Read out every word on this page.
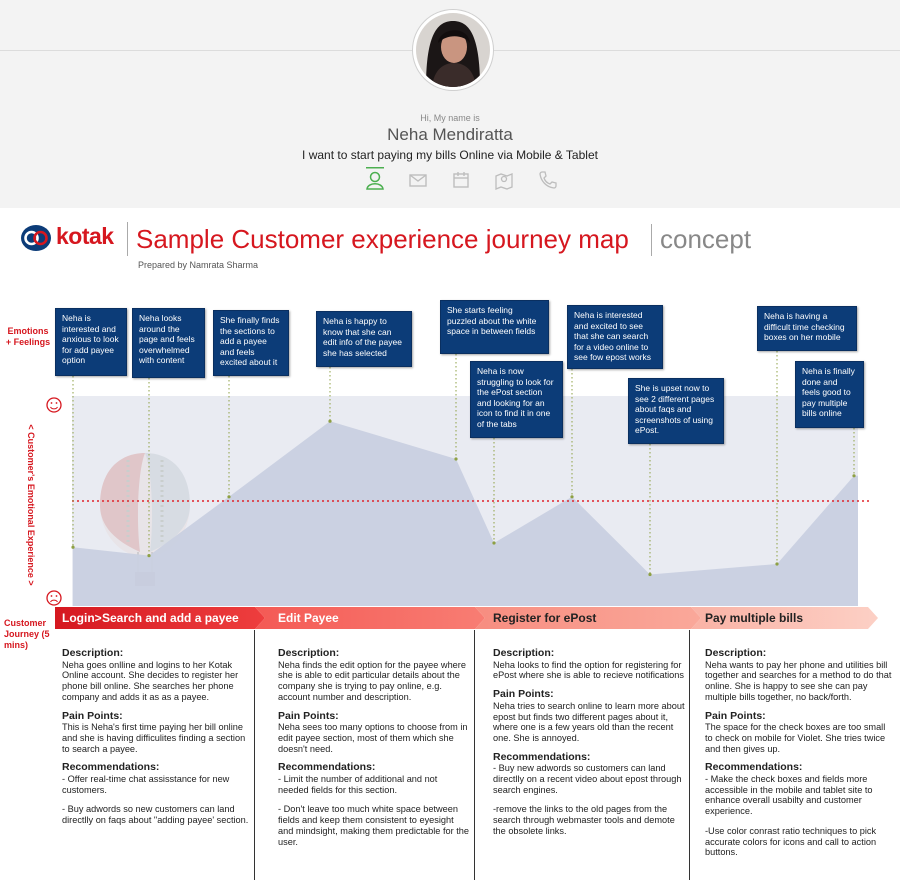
Hi, My name is
Neha Mendiratta
I want to start paying my bills Online via Mobile & Tablet
kotak Sample Customer experience journey map concept
Prepared by Namrata Sharma
Emotions + Feelings
< Customer's Emotional Experience >
Neha is interested and anxious to look for add payee option
Neha looks around the page and feels overwhelmed with content
She finally finds the sections to add a payee and feels excited about it
Neha is happy to know that she can edit info of the payee she has selected
She starts feeling puzzled about the white space in between fields
Neha is now struggling to look for the ePost section and looking for an icon to find it in one of the tabs
Neha is interested and excited to see that she can search for a video online to see fow epost works
She is upset now to see 2 different pages about faqs and screenshots of using ePost.
Neha is having a difficult time checking boxes on her mobile
Neha is finally done and feels good to pay multiple bills online
Customer Journey (5 mins)
Login> Search and add a payee	Edit Payee	Register for ePost	Pay multiple bills
Description:

Neha goes onlline and logins to her Kotak Online account. She decides to register her phone bill online. She searches her phone company and adds it as as a payee.

Pain Points:

This is Neha's first time paying her bill online and she is having difficulites finding a section to search a payee.

Recommendations:

- Offer real-time chat assisstance for new customers.

- Buy adwords so new customers can land directlly on faqs about "adding payee' section.

Description:

Neha finds the edit option for the payee where she is able to edit particular details about the company she is trying to pay online, e.g. account number and description.

Pain Points:

Neha sees too many options to choose from in edit payee section, most of them which she doesn't need.

Recommendations:

- Limit the number of additional and not needed fields for this section.

- Don't leave too much white space between fields and keep them consistent to eyesight and mindsight, making them predictable for the user.

Description:

Neha looks to find the option for registering for ePost where she is able to recieve notifications

Pain Points:

Neha tries to search online to learn more about epost but finds two different pages about it, where one is a few years old than the recent one. She is annoyed.

Recommendations:

- Buy new adwords so customers can land directlly on a recent video about epost through search engines.

-remove the links to the old pages from the search through webmaster tools and demote the obsolete links.

Description:

Neha wants to pay her phone and utilities bill together and searches for a method to do that online. She is happy to see she can pay multiple bills together, no back/forth.

Pain Points:

The space for the check boxes are too small to check on mobile for Violet. She tries twice and then gives up.

Recommendations:

- Make the check boxes and fields more accessible in the mobile and tablet site to enhance overall usabilty and customer experience.

-Use color conrast ratio techniques to pick accurate colors for icons and call to action buttons.
